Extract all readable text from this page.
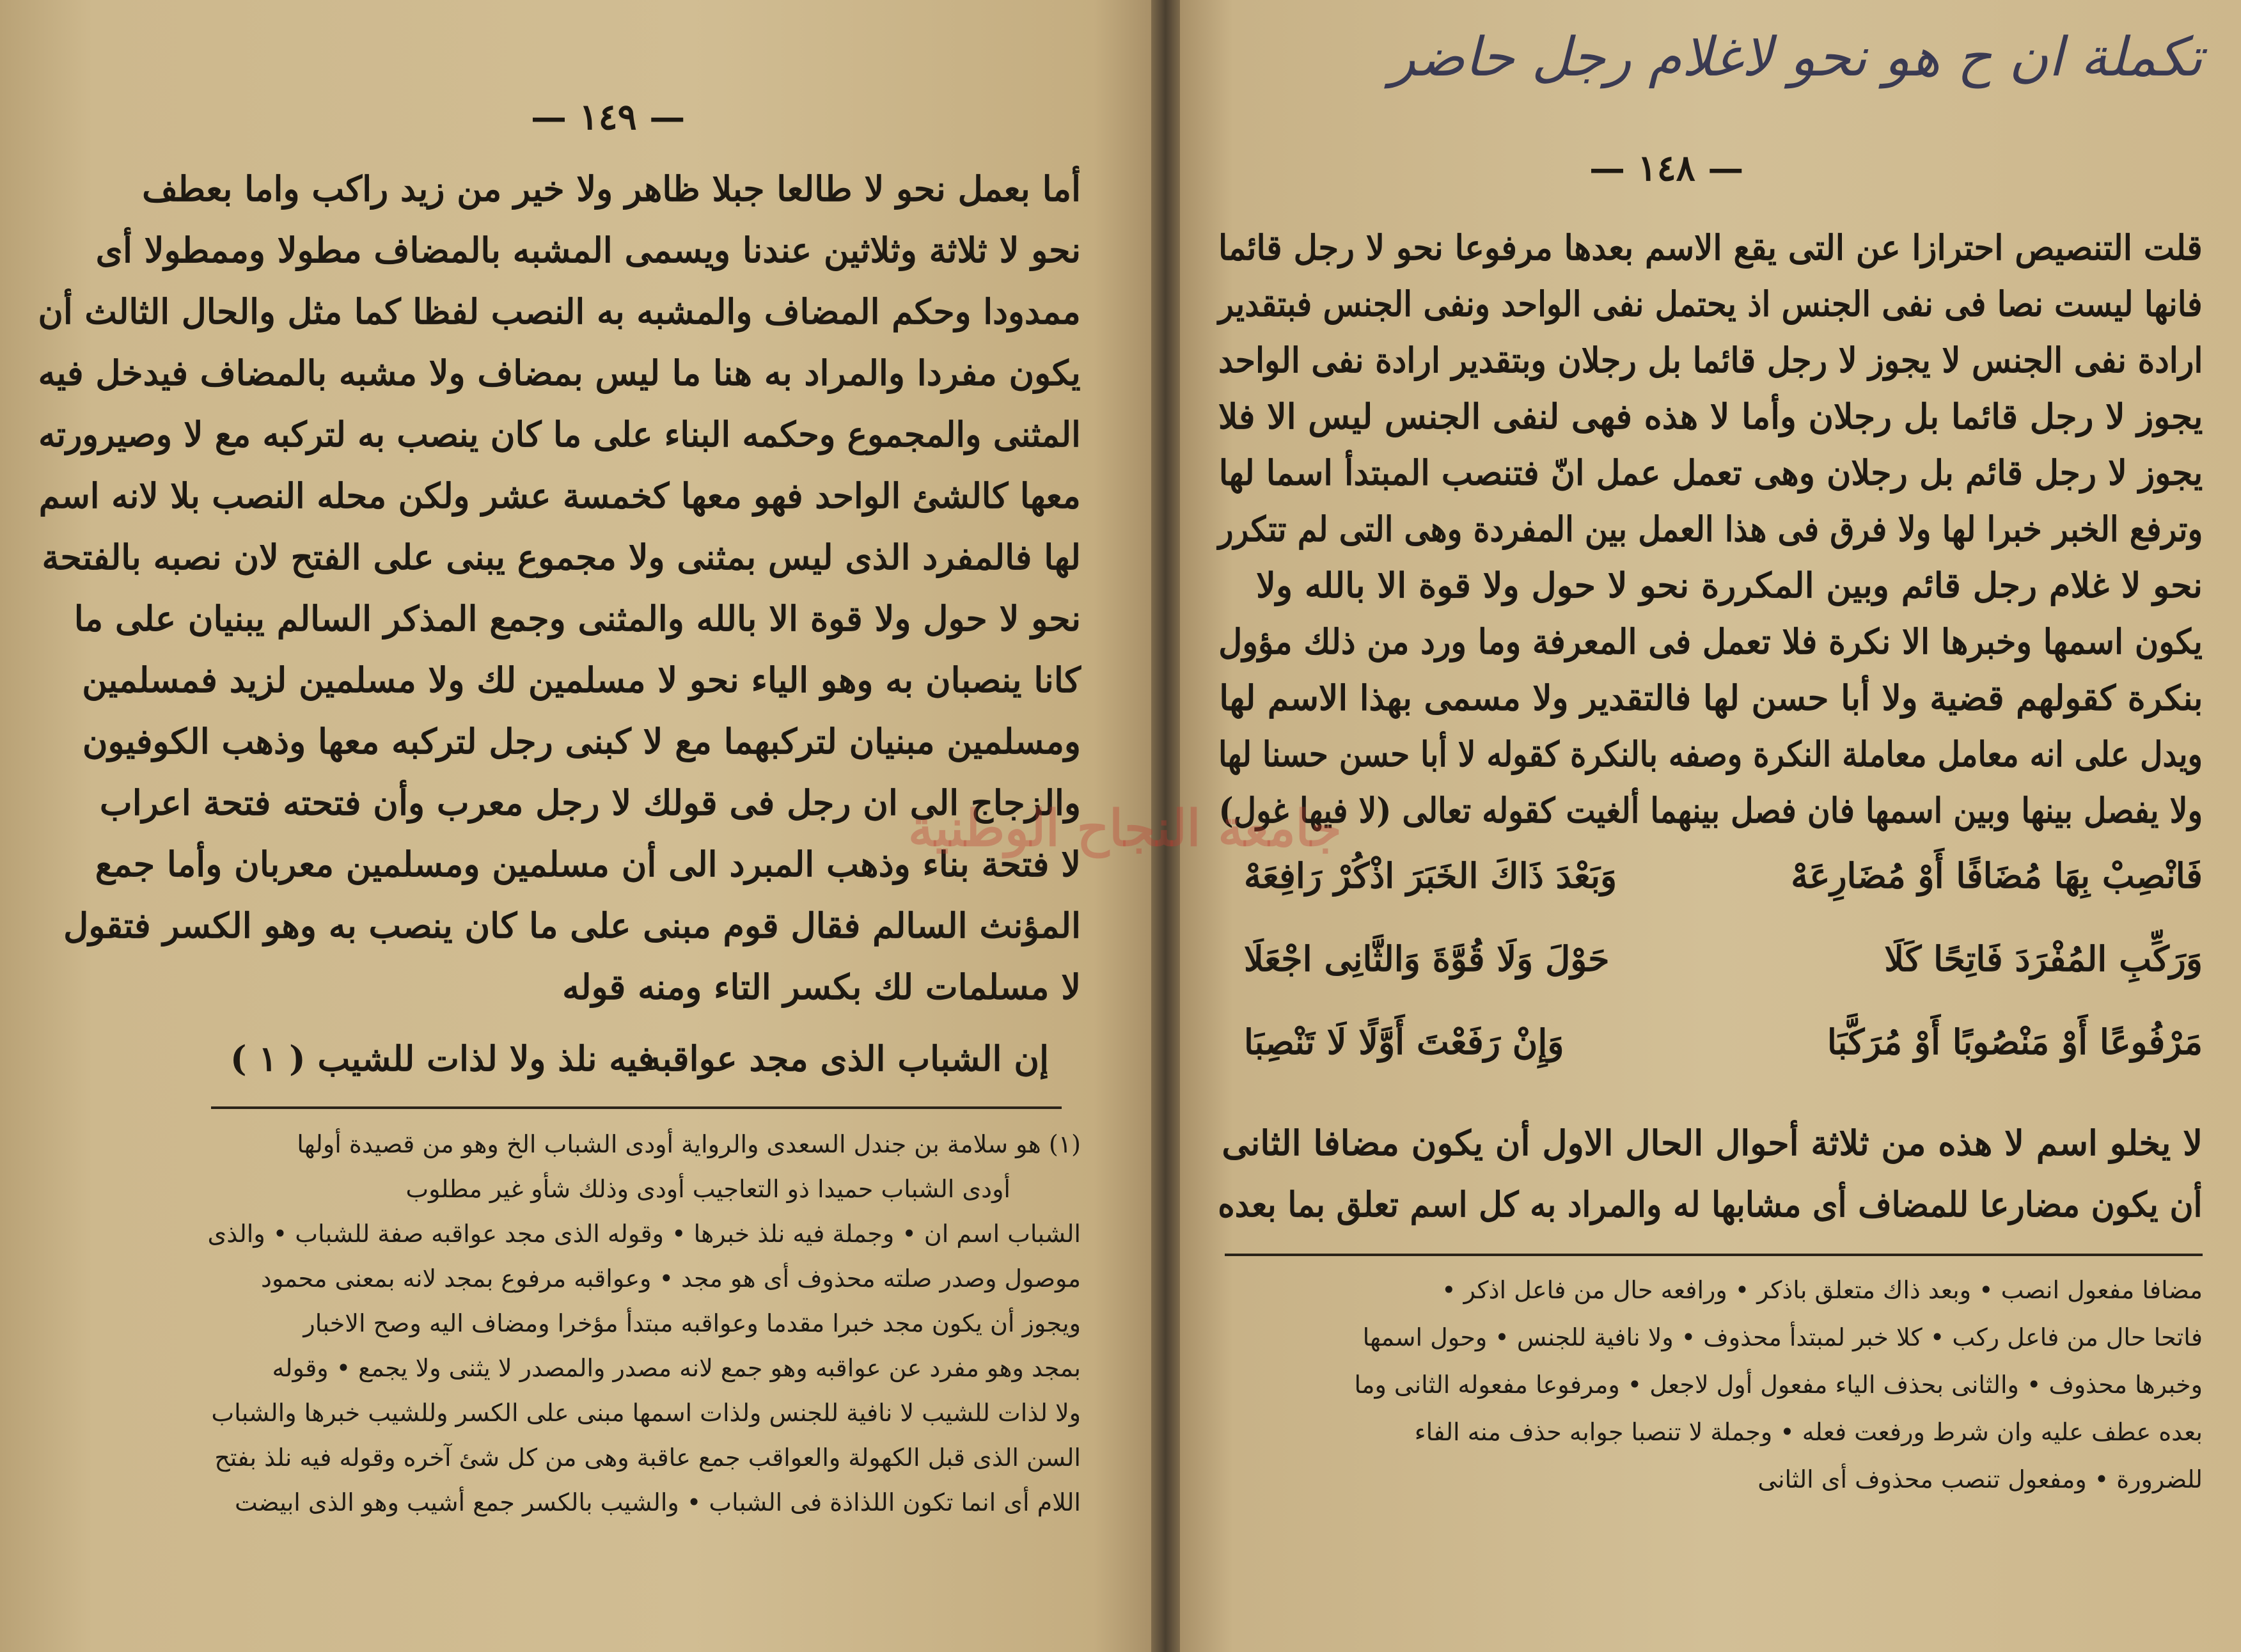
— ١٤٩ —
أما بعمل نحو لا طالعا جبلا ظاهر ولا خير من زيد راكب واما بعطف
نحو لا ثلاثة وثلاثين عندنا ويسمى المشبه بالمضاف مطولا وممطولا أى
ممدودا وحكم المضاف والمشبه به النصب لفظا كما مثل والحال الثالث أن
يكون مفردا والمراد به هنا ما ليس بمضاف ولا مشبه بالمضاف فيدخل فيه
المثنى والمجموع وحكمه البناء على ما كان ينصب به لتركبه مع لا وصيرورته
معها كالشئ الواحد فهو معها كخمسة عشر ولكن محله النصب بلا لانه اسم
لها فالمفرد الذى ليس بمثنى ولا مجموع يبنى على الفتح لان نصبه بالفتحة
نحو لا حول ولا قوة الا بالله والمثنى وجمع المذكر السالم يبنيان على ما
كانا ينصبان به وهو الياء نحو لا مسلمين لك ولا مسلمين لزيد فمسلمين
ومسلمين مبنيان لتركبهما مع لا كبنى رجل لتركبه معها وذهب الكوفيون
والزجاج الى ان رجل فى قولك لا رجل معرب وأن فتحته فتحة اعراب
لا فتحة بناء وذهب المبرد الى أن مسلمين ومسلمين معربان وأما جمع
المؤنث السالم فقال قوم مبنى على ما كان ينصب به وهو الكسر فتقول
لا مسلمات لك بكسر التاء ومنه قوله
إن الشباب الذى مجد عواقبه
فيه نلذ ولا لذات للشيب ( ١ )
(١) هو سلامة بن جندل السعدى والرواية أودى الشباب الخ وهو من قصيدة أولها
أودى الشباب حميدا ذو التعاجيب أودى وذلك شأو غير مطلوب
الشباب اسم ان • وجملة فيه نلذ خبرها • وقوله الذى مجد عواقبه صفة للشباب • والذى
موصول وصدر صلته محذوف أى هو مجد • وعواقبه مرفوع بمجد لانه بمعنى محمود
ويجوز أن يكون مجد خبرا مقدما وعواقبه مبتدأ مؤخرا ومضاف اليه وصح الاخبار
بمجد وهو مفرد عن عواقبه وهو جمع لانه مصدر والمصدر لا يثنى ولا يجمع • وقوله
ولا لذات للشيب لا نافية للجنس ولذات اسمها مبنى على الكسر وللشيب خبرها والشباب
السن الذى قبل الكهولة والعواقب جمع عاقبة وهى من كل شئ آخره وقوله فيه نلذ بفتح
اللام أى انما تكون اللذاذة فى الشباب • والشيب بالكسر جمع أشيب وهو الذى ابيضت
تكملة ان ح هو نحو لاغلام رجل حاضر
— ١٤٨ —
قلت التنصيص احترازا عن التى يقع الاسم بعدها مرفوعا نحو لا رجل قائما
فانها ليست نصا فى نفى الجنس اذ يحتمل نفى الواحد ونفى الجنس فبتقدير
ارادة نفى الجنس لا يجوز لا رجل قائما بل رجلان وبتقدير ارادة نفى الواحد
يجوز لا رجل قائما بل رجلان وأما لا هذه فهى لنفى الجنس ليس الا فلا
يجوز لا رجل قائم بل رجلان وهى تعمل عمل انّ فتنصب المبتدأ اسما لها
وترفع الخبر خبرا لها ولا فرق فى هذا العمل بين المفردة وهى التى لم تتكرر
نحو لا غلام رجل قائم وبين المكررة نحو لا حول ولا قوة الا بالله ولا
يكون اسمها وخبرها الا نكرة فلا تعمل فى المعرفة وما ورد من ذلك مؤول
بنكرة كقولهم قضية ولا أبا حسن لها فالتقدير ولا مسمى بهذا الاسم لها
ويدل على انه معامل معاملة النكرة وصفه بالنكرة كقوله لا أبا حسن حسنا لها
ولا يفصل بينها وبين اسمها فان فصل بينهما ألغيت كقوله تعالى (لا فيها غول)
فَانْصِبْ بِهَا مُضَافًا أَوْ مُضَارِعَهْ
وَبَعْدَ ذَاكَ الخَبَرَ اذْكُرْ رَافِعَهْ
وَرَكِّبِ المُفْرَدَ فَاتِحًا كَلَا
حَوْلَ وَلَا قُوَّةَ وَالثَّانِى اجْعَلَا
مَرْفُوعًا أَوْ مَنْصُوبًا أَوْ مُرَكَّبَا
وَإِنْ رَفَعْتَ أَوَّلًا لَا تَنْصِبَا
لا يخلو اسم لا هذه من ثلاثة أحوال الحال الاول أن يكون مضافا الثانى
أن يكون مضارعا للمضاف أى مشابها له والمراد به كل اسم تعلق بما بعده
مضافا مفعول انصب • وبعد ذاك متعلق باذكر • ورافعه حال من فاعل اذكر •
فاتحا حال من فاعل ركب • كلا خبر لمبتدأ محذوف • ولا نافية للجنس • وحول اسمها
وخبرها محذوف • والثانى بحذف الياء مفعول أول لاجعل • ومرفوعا مفعوله الثانى وما
بعده عطف عليه وان شرط ورفعت فعله • وجملة لا تنصبا جوابه حذف منه الفاء
للضرورة • ومفعول تنصب محذوف أى الثانى
جامعة النجاح الوطنية
